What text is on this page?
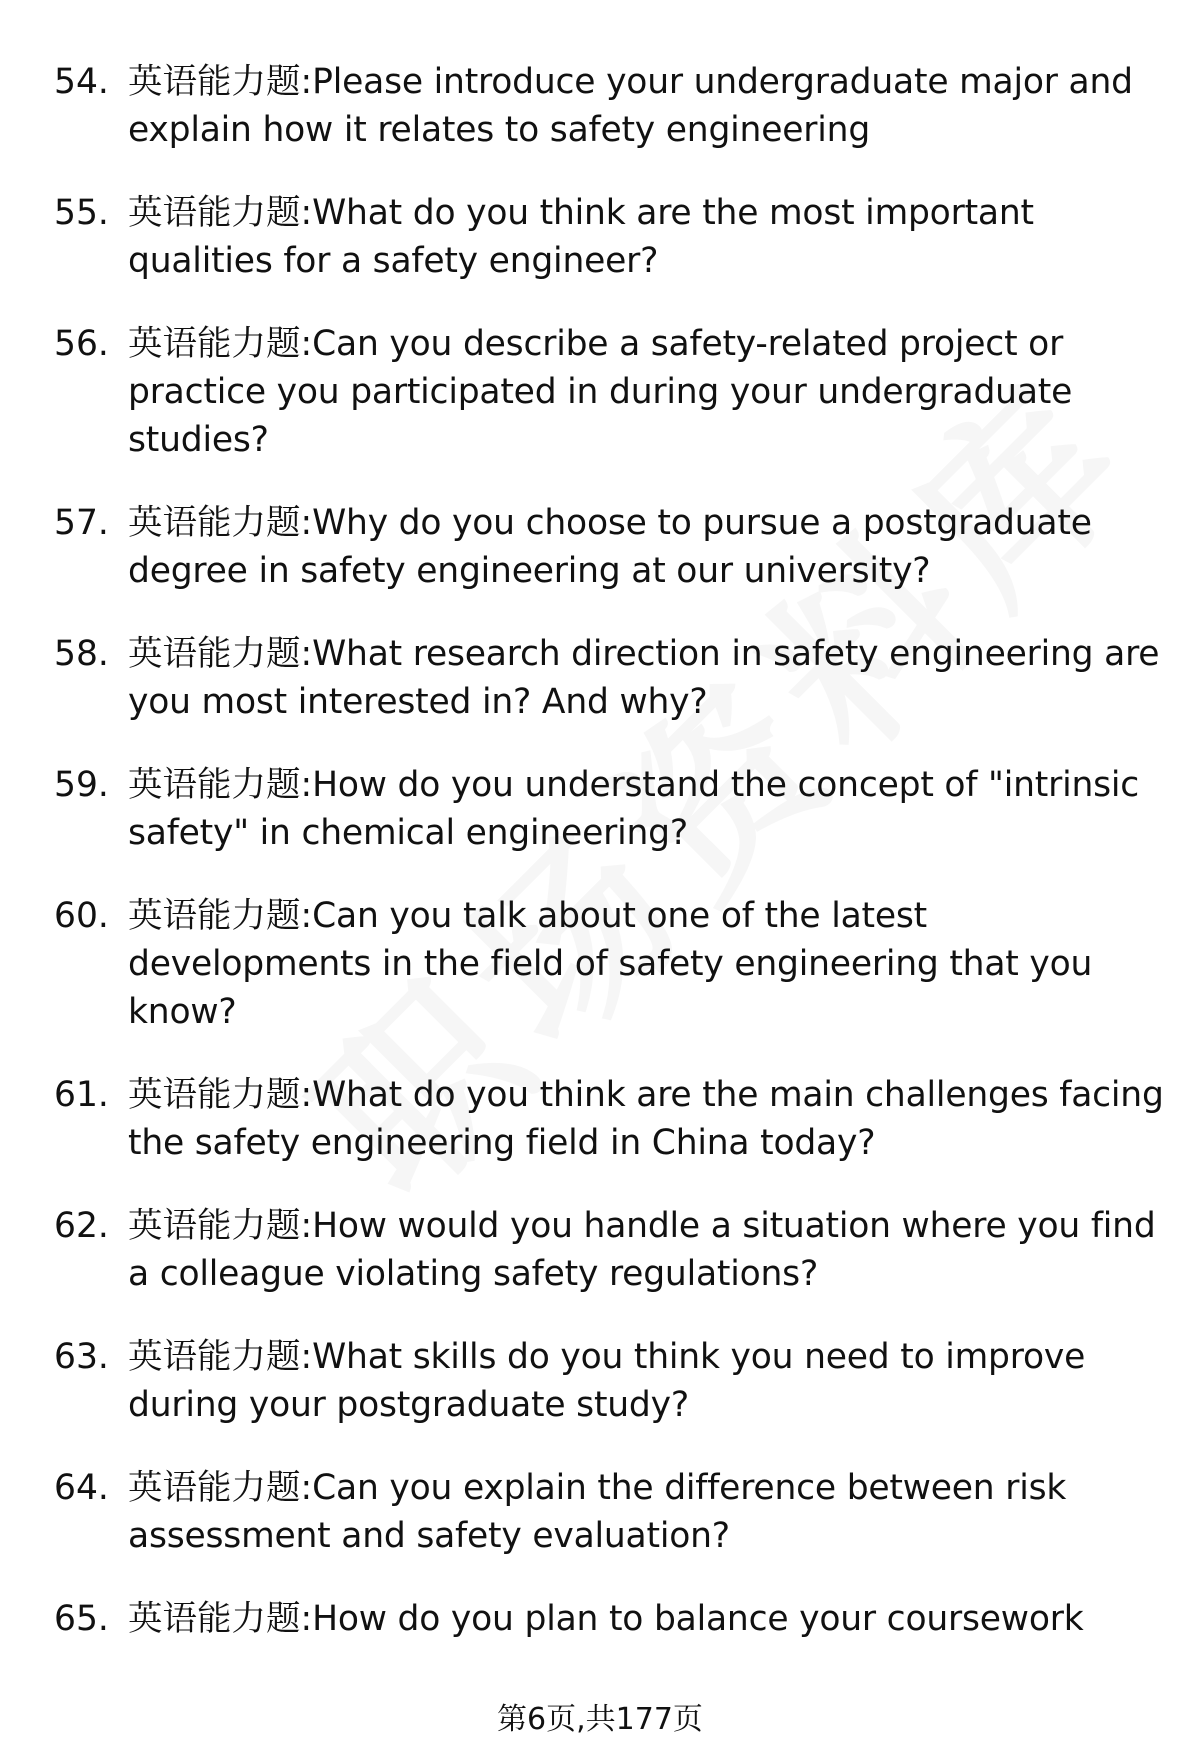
54. 英语能力题:Please introduce your undergraduate major and explain how it relates to safety engineering
55. 英语能力题:What do you think are the most important qualities for a safety engineer?
56. 英语能力题:Can you describe a safety-related project or practice you participated in during your undergraduate studies?
57. 英语能力题:Why do you choose to pursue a postgraduate degree in safety engineering at our university?
58. 英语能力题:What research direction in safety engineering are you most interested in? And why?
59. 英语能力题:How do you understand the concept of "intrinsic safety" in chemical engineering?
60. 英语能力题:Can you talk about one of the latest developments in the field of safety engineering that you know?
61. 英语能力题:What do you think are the main challenges facing the safety engineering field in China today?
62. 英语能力题:How would you handle a situation where you find a colleague violating safety regulations?
63. 英语能力题:What skills do you think you need to improve during your postgraduate study?
64. 英语能力题:Can you explain the difference between risk assessment and safety evaluation?
65. 英语能力题:How do you plan to balance your coursework
第6页,共177页
